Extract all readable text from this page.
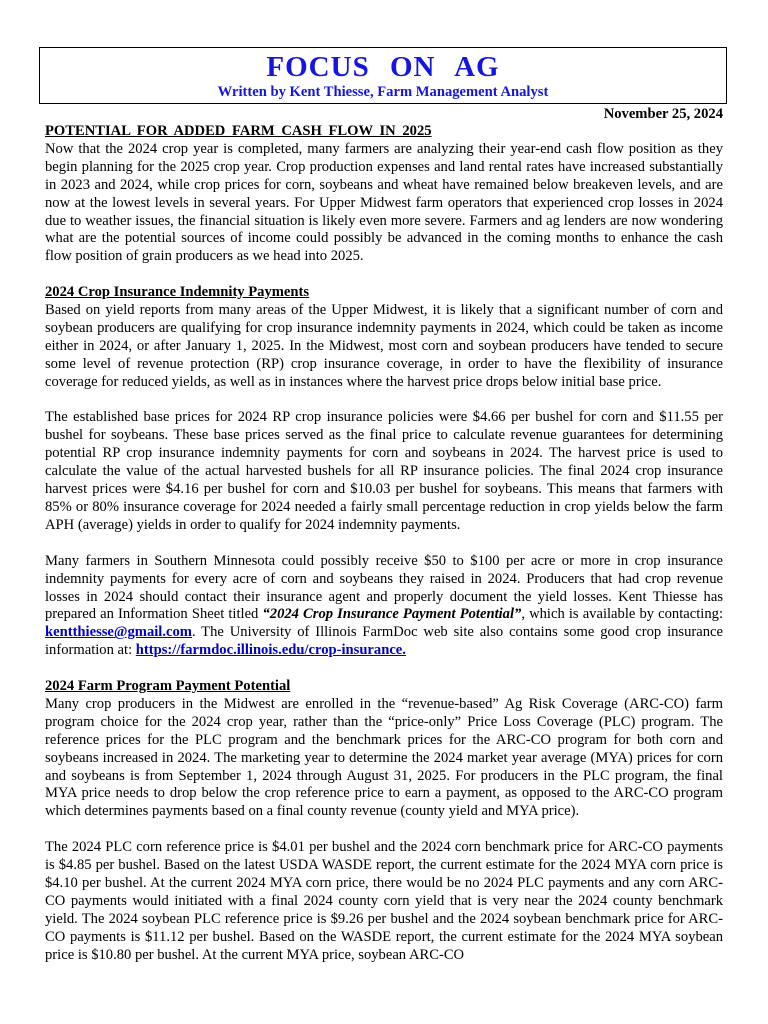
FOCUS ON AG
Written by Kent Thiesse, Farm Management Analyst
November 25, 2024
POTENTIAL FOR ADDED FARM CASH FLOW IN 2025

Now that the 2024 crop year is completed, many farmers are analyzing their year-end cash flow position as they begin planning for the 2025 crop year. Crop production expenses and land rental rates have increased substantially in 2023 and 2024, while crop prices for corn, soybeans and wheat have remained below breakeven levels, and are now at the lowest levels in several years. For Upper Midwest farm operators that experienced crop losses in 2024 due to weather issues, the financial situation is likely even more severe. Farmers and ag lenders are now wondering what are the potential sources of income could possibly be advanced in the coming months to enhance the cash flow position of grain producers as we head into 2025.

2024 Crop Insurance Indemnity Payments

Based on yield reports from many areas of the Upper Midwest, it is likely that a significant number of corn and soybean producers are qualifying for crop insurance indemnity payments in 2024, which could be taken as income either in 2024, or after January 1, 2025. In the Midwest, most corn and soybean producers have tended to secure some level of revenue protection (RP) crop insurance coverage, in order to have the flexibility of insurance coverage for reduced yields, as well as in instances where the harvest price drops below initial base price.

The established base prices for 2024 RP crop insurance policies were $4.66 per bushel for corn and $11.55 per bushel for soybeans. These base prices served as the final price to calculate revenue guarantees for determining potential RP crop insurance indemnity payments for corn and soybeans in 2024. The harvest price is used to calculate the value of the actual harvested bushels for all RP insurance policies. The final 2024 crop insurance harvest prices were $4.16 per bushel for corn and $10.03 per bushel for soybeans. This means that farmers with 85% or 80% insurance coverage for 2024 needed a fairly small percentage reduction in crop yields below the farm APH (average) yields in order to qualify for 2024 indemnity payments.

Many farmers in Southern Minnesota could possibly receive $50 to $100 per acre or more in crop insurance indemnity payments for every acre of corn and soybeans they raised in 2024. Producers that had crop revenue losses in 2024 should contact their insurance agent and properly document the yield losses. Kent Thiesse has prepared an Information Sheet titled “2024 Crop Insurance Payment Potential”, which is available by contacting: kentthiesse@gmail.com. The University of Illinois FarmDoc web site also contains some good crop insurance information at: https://farmdoc.illinois.edu/crop-insurance.

2024 Farm Program Payment Potential

Many crop producers in the Midwest are enrolled in the “revenue-based” Ag Risk Coverage (ARC-CO) farm program choice for the 2024 crop year, rather than the “price-only” Price Loss Coverage (PLC) program. The reference prices for the PLC program and the benchmark prices for the ARC-CO program for both corn and soybeans increased in 2024. The marketing year to determine the 2024 market year average (MYA) prices for corn and soybeans is from September 1, 2024 through August 31, 2025. For producers in the PLC program, the final MYA price needs to drop below the crop reference price to earn a payment, as opposed to the ARC-CO program which determines payments based on a final county revenue (county yield and MYA price).

The 2024 PLC corn reference price is $4.01 per bushel and the 2024 corn benchmark price for ARC-CO payments is $4.85 per bushel. Based on the latest USDA WASDE report, the current estimate for the 2024 MYA corn price is $4.10 per bushel. At the current 2024 MYA corn price, there would be no 2024 PLC payments and any corn ARC-CO payments would initiated with a final 2024 county corn yield that is very near the 2024 county benchmark yield. The 2024 soybean PLC reference price is $9.26 per bushel and the 2024 soybean benchmark price for ARC-CO payments is $11.12 per bushel. Based on the WASDE report, the current estimate for the 2024 MYA soybean price is $10.80 per bushel. At the current MYA price, soybean ARC-CO
